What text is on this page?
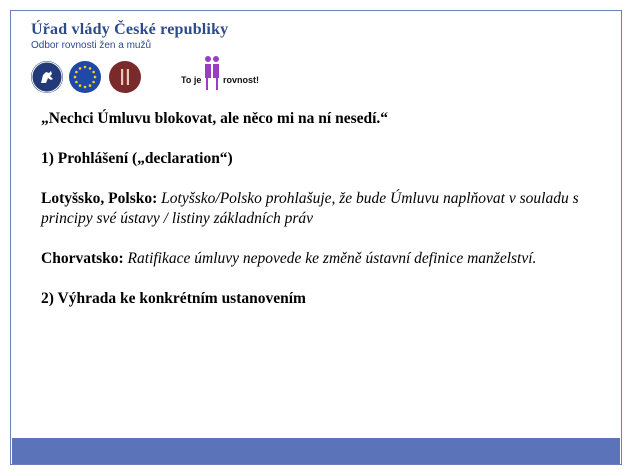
Úřad vlády České republiky
Odbor rovnosti žen a mužů
To je rovnost!

„Nechci Úmluvu blokovat, ale něco mi na ní nesedí.“

1) Prohlášení („declaration“)

Lotyšsko, Polsko: Lotyšsko/Polsko prohlašuje, že bude Úmluvu naplňovat v souladu s principy své ústavy / listiny základních práv

Chorvatsko: Ratifikace úmluvy nepovede ke změně ústavní definice manželství.

2) Výhrada ke konkrétním ustanovením
